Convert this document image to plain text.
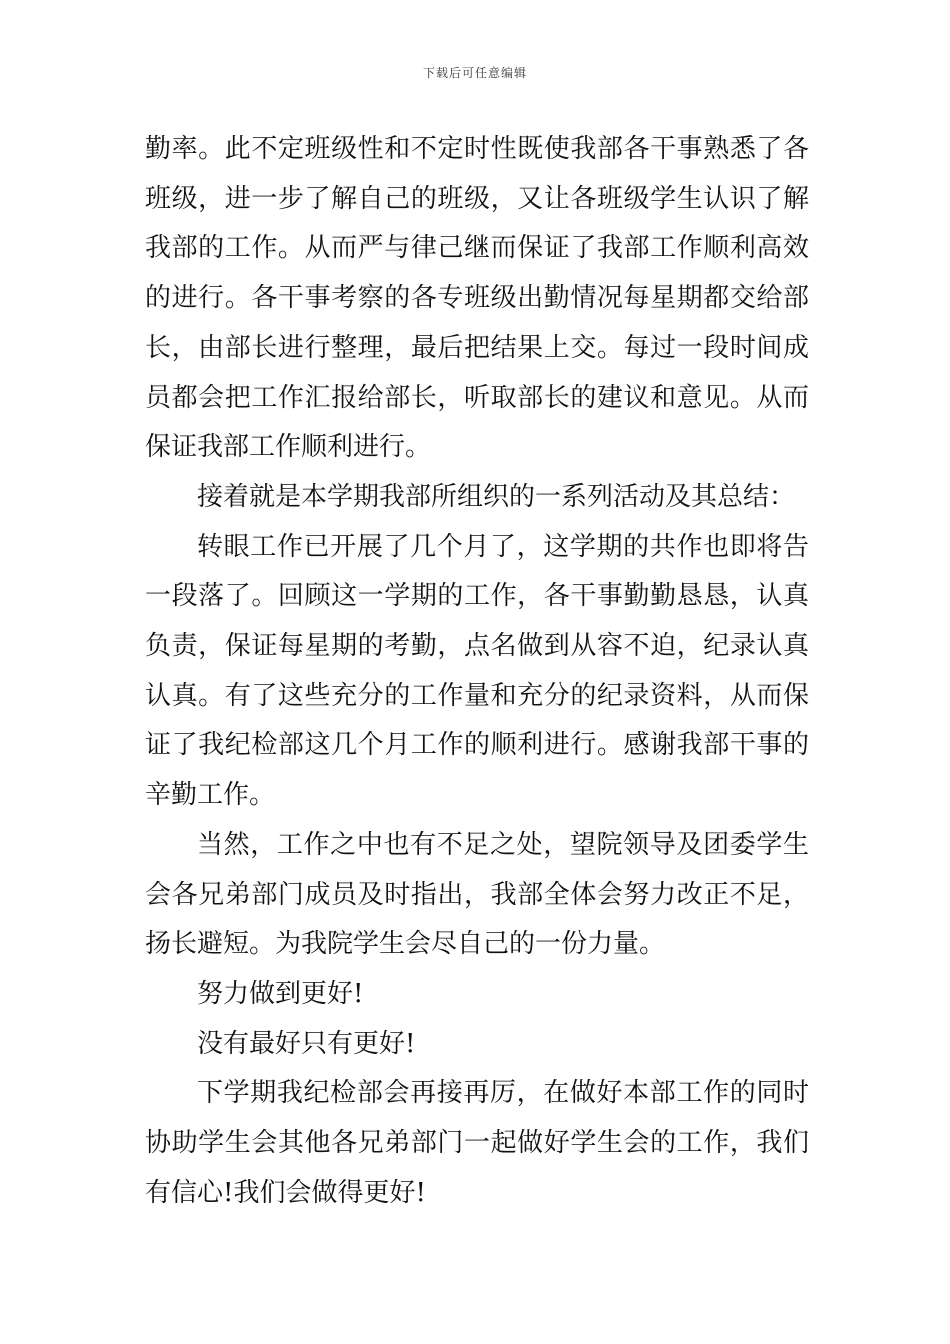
下载后可任意编辑

勤率。此不定班级性和不定时性既使我部各干事熟悉了各班级，进一步了解自己的班级，又让各班级学生认识了解我部的工作。从而严与律己继而保证了我部工作顺利高效的进行。各干事考察的各专班级出勤情况每星期都交给部长，由部长进行整理，最后把结果上交。每过一段时间成员都会把工作汇报给部长，听取部长的建议和意见。从而保证我部工作顺利进行。

接着就是本学期我部所组织的一系列活动及其总结：

转眼工作已开展了几个月了，这学期的共作也即将告一段落了。回顾这一学期的工作，各干事勤勤恳恳，认真负责，保证每星期的考勤，点名做到从容不迫，纪录认真认真。有了这些充分的工作量和充分的纪录资料，从而保证了我纪检部这几个月工作的顺利进行。感谢我部干事的辛勤工作。

当然，工作之中也有不足之处，望院领导及团委学生会各兄弟部门成员及时指出，我部全体会努力改正不足，扬长避短。为我院学生会尽自己的一份力量。

努力做到更好!

没有最好只有更好!

下学期我纪检部会再接再厉，在做好本部工作的同时协助学生会其他各兄弟部门一起做好学生会的工作，我们有信心!我们会做得更好!
